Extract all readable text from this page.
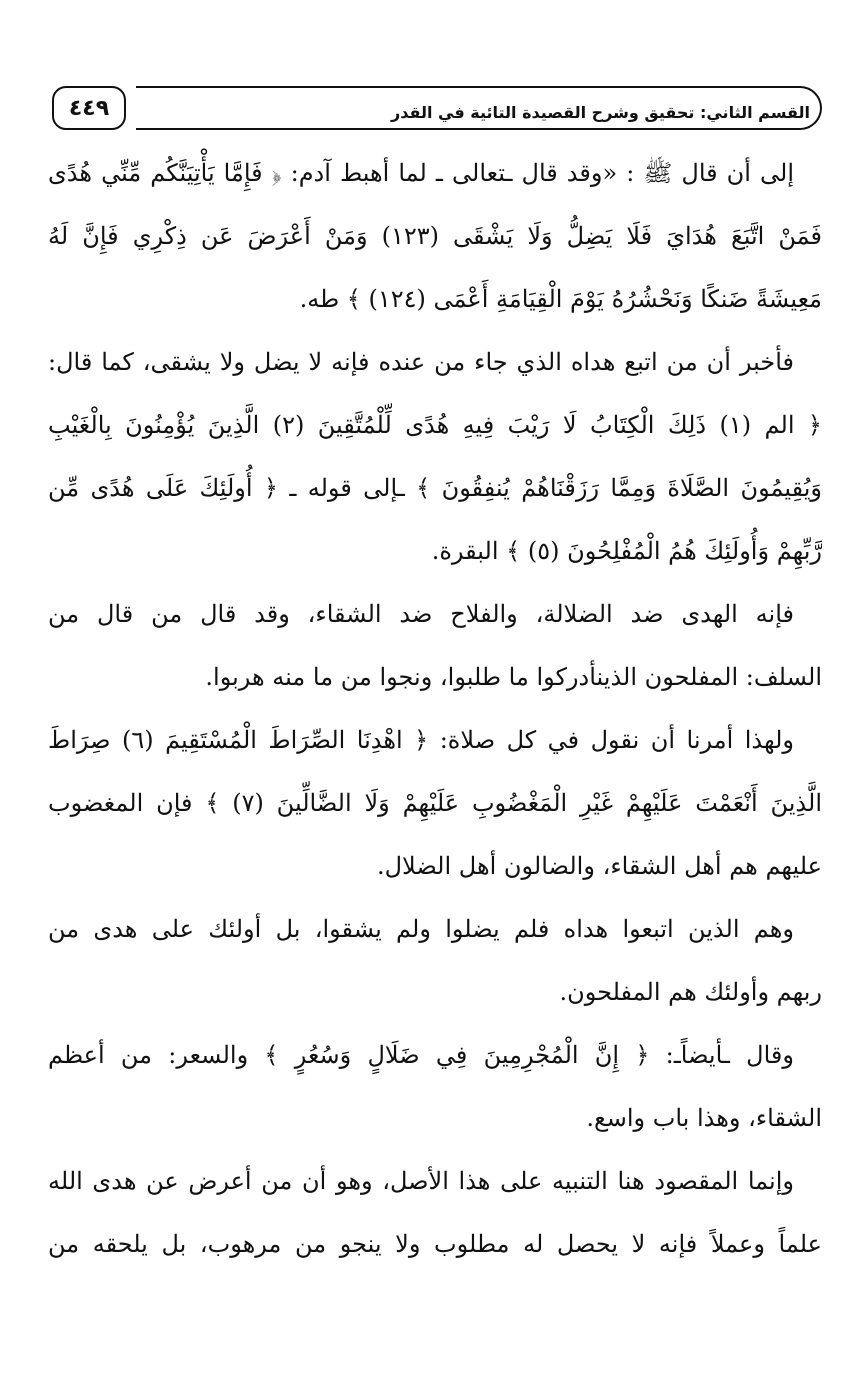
٤٤٩	القسم الثاني: تحقيق وشرح القصيدة التائية في القدر
إلى أن قال ﷺ : «وقد قال ـتعالى ـ لما أهبط آدم: ﴿ فَإِمَّا يَأْتِيَنَّكُم مِّنِّي هُدًى
فَمَنْ اتَّبَعَ هُدَايَ فَلَا يَضِلُّ وَلَا يَشْقَى (١٢٣) وَمَنْ أَعْرَضَ عَن ذِكْرِي فَإِنَّ لَهُ
مَعِيشَةً ضَنكًا وَنَحْشُرُهُ يَوْمَ الْقِيَامَةِ أَعْمَى (١٢٤) ﴾ طه.
فأخبر أن من اتبع هداه الذي جاء من عنده فإنه لا يضل ولا يشقى، كما قال:
﴿ الم (١) ذَلِكَ الْكِتَابُ لَا رَيْبَ فِيهِ هُدًى لِّلْمُتَّقِينَ (٢) الَّذِينَ يُؤْمِنُونَ بِالْغَيْبِ
وَيُقِيمُونَ الصَّلَاةَ وَمِمَّا رَزَقْنَاهُمْ يُنفِقُونَ ﴾ ـإلى قوله ـ ﴿ أُولَئِكَ عَلَى هُدًى مِّن
رَّبِّهِمْ وَأُولَئِكَ هُمُ الْمُفْلِحُونَ (٥) ﴾ البقرة.
فإنه الهدى ضد الضلالة، والفلاح ضد الشقاء، وقد قال من قال من
السلف: المفلحون الذينأدركوا ما طلبوا، ونجوا من ما منه هربوا.
ولهذا أمرنا أن نقول في كل صلاة: ﴿ اهْدِنَا الصِّرَاطَ الْمُسْتَقِيمَ (٦) صِرَاطَ
الَّذِينَ أَنْعَمْتَ عَلَيْهِمْ غَيْرِ الْمَغْضُوبِ عَلَيْهِمْ وَلَا الضَّالِّينَ (٧) ﴾ فإن المغضوب
عليهم هم أهل الشقاء، والضالون أهل الضلال.
وهم الذين اتبعوا هداه فلم يضلوا ولم يشقوا، بل أولئك على هدى من
ربهم وأولئك هم المفلحون.
وقال ـأيضاًـ: ﴿ إِنَّ الْمُجْرِمِينَ فِي ضَلَالٍ وَسُعُرٍ ﴾ والسعر: من أعظم
الشقاء، وهذا باب واسع.
وإنما المقصود هنا التنبيه على هذا الأصل، وهو أن من أعرض عن هدى الله
علماً وعملاً فإنه لا يحصل له مطلوب ولا ينجو من مرهوب، بل يلحقه من
